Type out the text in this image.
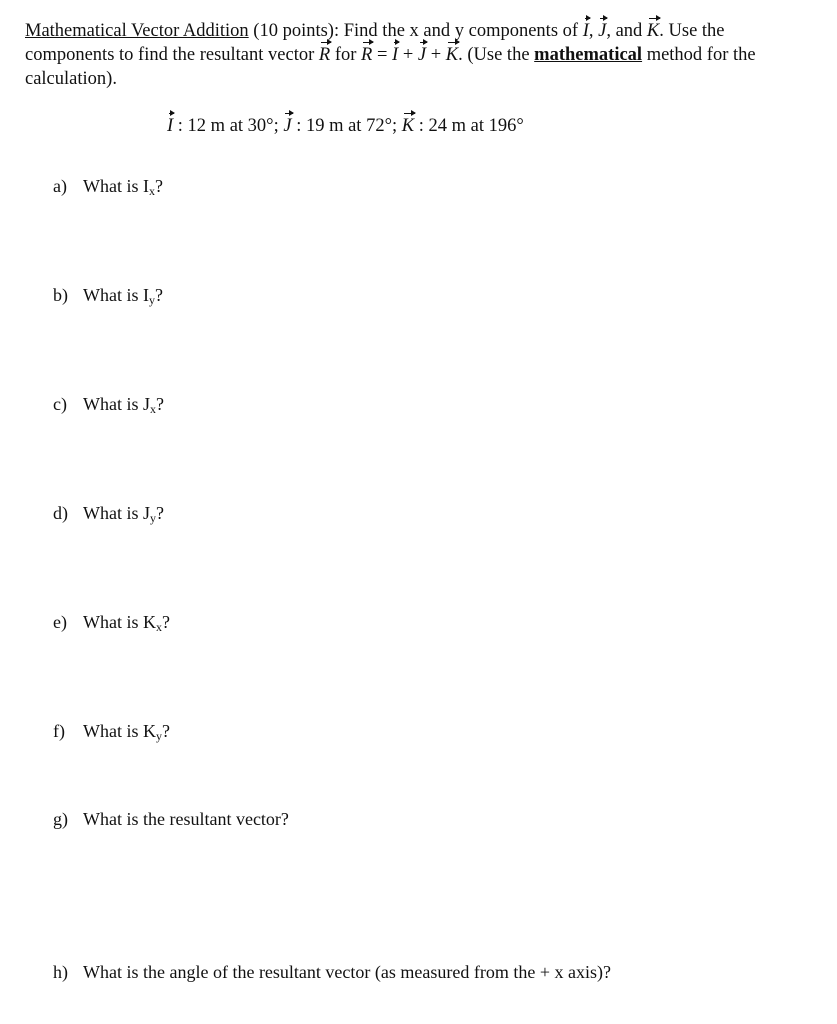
Mathematical Vector Addition (10 points): Find the x and y components of I, J, and K. Use the components to find the resultant vector R for R = I + J + K. (Use the mathematical method for the calculation).
I : 12 m at 30°; J : 19 m at 72°; K : 24 m at 196°
a) What is $I_x$?
b) What is $I_y$?
c) What is $J_x$?
d) What is $J_y$?
e) What is $K_x$?
f) What is $K_y$?
g) What is the resultant vector?
h) What is the angle of the resultant vector (as measured from the + x axis)?
